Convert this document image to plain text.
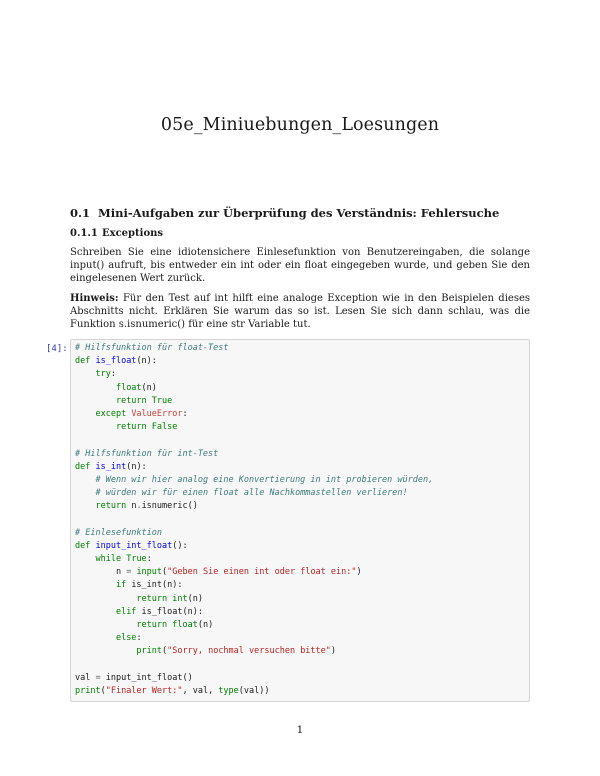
05e_Miniuebungen_Loesungen
0.1 Mini-Aufgaben zur Überprüfung des Verständnis: Fehlersuche
0.1.1 Exceptions
Schreiben Sie eine idiotensichere Einlesefunktion von Benutzereingaben, die solange input() aufruft, bis entweder ein int oder ein float eingegeben wurde, und geben Sie den eingelesenen Wert zurück.
Hinweis: Für den Test auf int hilft eine analoge Exception wie in den Beispielen dieses Abschnitts nicht. Erklären Sie warum das so ist. Lesen Sie sich dann schlau, was die Funktion s.isnumeric() für eine str Variable tut.
[4]: # Hilfsfunktion für float-Test
def is_float(n):
try:
float(n)
return True
except ValueError:
return False

# Hilfsfunktion für int-Test
def is_int(n):
# Wenn wir hier analog eine Konvertierung in int probieren würden,
# würden wir für einen float alle Nachkommastellen verlieren!
return n.isnumeric()

# Einlesefunktion
def input_int_float():
while True:
n = input("Geben Sie einen int oder float ein:")
if is_int(n):
return int(n)
elif is_float(n):
return float(n)
else:
print("Sorry, nochmal versuchen bitte")

val = input_int_float()
print("Finaler Wert:", val, type(val))
1
